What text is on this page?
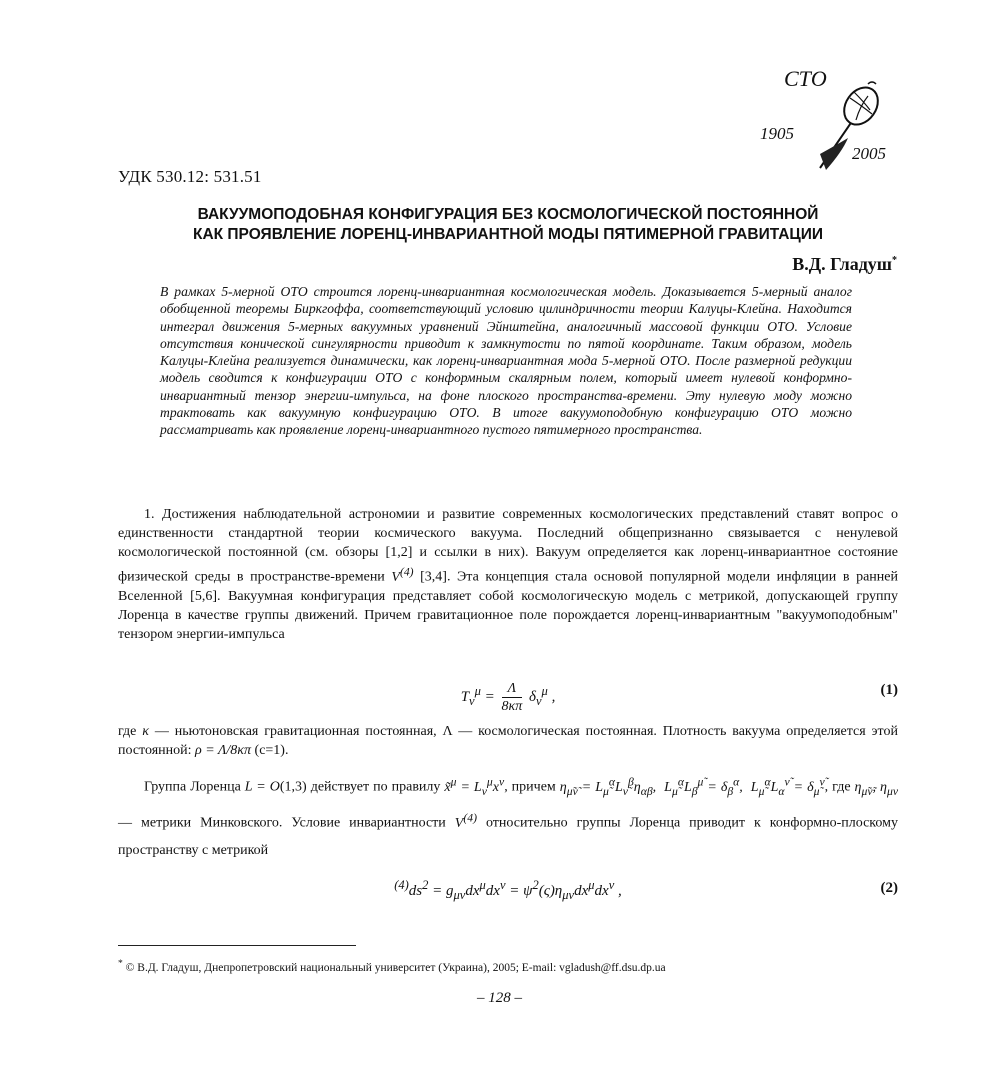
СТО
1905
2005
УДК 530.12: 531.51
ВАКУУМОПОДОБНАЯ КОНФИГУРАЦИЯ БЕЗ КОСМОЛОГИЧЕСКОЙ ПОСТОЯННОЙ
КАК ПРОЯВЛЕНИЕ ЛОРЕНЦ-ИНВАРИАНТНОЙ МОДЫ ПЯТИМЕРНОЙ ГРАВИТАЦИИ
В.Д. Гладуш*
В рамках 5-мерной ОТО строится лоренц-инвариантная космологическая модель. Доказывается 5-мерный аналог обобщенной теоремы Биркгоффа, соответствующий условию цилиндричности теории Калуцы-Клейна. Находится интеграл движения 5-мерных вакуумных уравнений Эйнштейна, аналогичный массовой функции ОТО. Условие отсутствия конической сингулярности приводит к замкнутости по пятой координате. Таким образом, модель Калуцы-Клейна реализуется динамически, как лоренц-инвариантная мода 5-мерной ОТО. После размерной редукции модель сводится к конфигурации ОТО с конформным скалярным полем, который имеет нулевой конформно-инвариантный тензор энергии-импульса, на фоне плоского пространства-времени. Эту нулевую моду можно трактовать как вакуумную конфигурацию ОТО. В итоге вакуумоподобную конфигурацию ОТО можно рассматривать как проявление лоренц-инвариантного пустого пятимерного пространства.
1. Достижения наблюдательной астрономии и развитие современных космологических представлений ставят вопрос о единственности стандартной теории космического вакуума. Последний общепризнанно связывается с ненулевой космологической постоянной (см. обзоры [1,2] и ссылки в них). Вакуум определяется как лоренц-инвариантное состояние физической среды в пространстве-времени $V^{(4)}$ [3,4]. Эта концепция стала основой популярной модели инфляции в ранней Вселенной [5,6]. Вакуумная конфигурация представляет собой космологическую модель с метрикой, допускающей группу Лоренца в качестве группы движений. Причем гравитационное поле порождается лоренц-инвариантным "вакуумоподобным" тензором энергии-импульса
$T_\nu^\mu = \frac{\Lambda}{8\kappa\pi} \delta_\nu^\mu$ ,	(1)
где κ — ньютоновская гравитационная постоянная, Λ — космологическая постоянная. Плотность вакуума определяется этой постоянной: ρ = Λ/8κπ (c=1).
Группа Лоренца L = O(1,3) действует по правилу x̃$^\mu$ = $L_\nu^\mu x^\nu$, причем $\eta_{\mũ\nũ} = L_{\mũ}^\alpha L_{\nũ}^\beta\eta_{\alpha\beta}$,  $L_{\mũ}^\alpha L_\beta^{\mũ} = \delta_\beta^\alpha$,  $L_{\mũ}^\alpha L_\alpha^{\nũ} = \delta_{\mũ}^{\nũ}$, где $\eta_{\mũ\nũ}$, $\eta_{\mu\nu}$ — метрики Минковского. Условие инвариантности $V^{(4)}$ относительно группы Лоренца приводит к конформно-плоскому пространству с метрикой
$^{(4)}ds^2 = g_{\mu\nu}dx^\mu dx^\nu = \psi^2(\varsigma)\eta_{\mu\nu}dx^\mu dx^\nu$ ,	(2)
* © В.Д. Гладуш, Днепропетровский национальный университет (Украина), 2005; E-mail: vgladush@ff.dsu.dp.ua
– 128 –
